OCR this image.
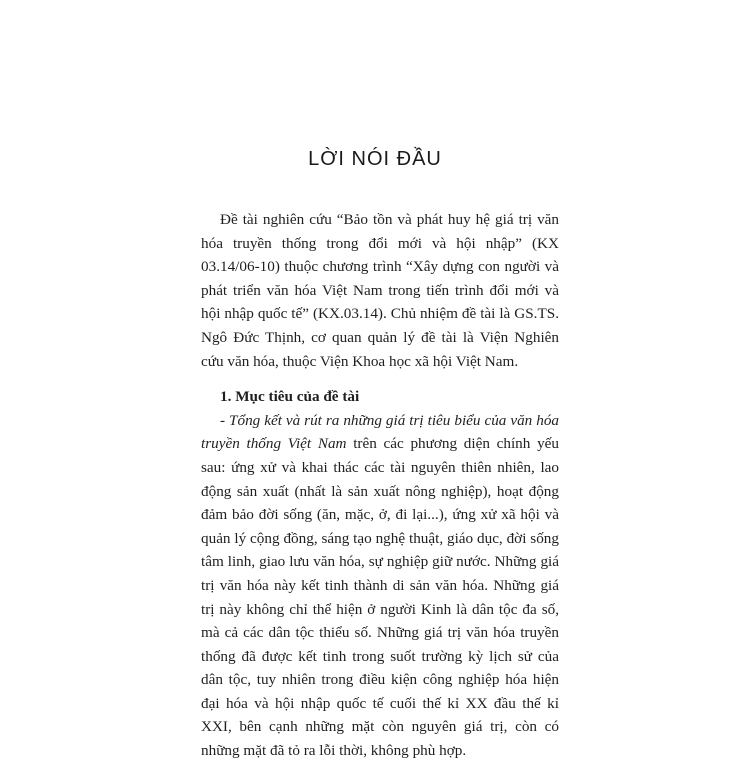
LỜI NÓI ĐẦU

Đề tài nghiên cứu “Bảo tồn và phát huy hệ giá trị văn hóa truyền thống trong đổi mới và hội nhập” (KX 03.14/06-10) thuộc chương trình “Xây dựng con người và phát triển văn hóa Việt Nam trong tiến trình đổi mới và hội nhập quốc tế” (KX.03.14). Chủ nhiệm đề tài là GS.TS. Ngô Đức Thịnh, cơ quan quản lý đề tài là Viện Nghiên cứu văn hóa, thuộc Viện Khoa học xã hội Việt Nam.

1. Mục tiêu của đề tài

- Tổng kết và rút ra những giá trị tiêu biểu của văn hóa truyền thống Việt Nam trên các phương diện chính yếu sau: ứng xử và khai thác các tài nguyên thiên nhiên, lao động sản xuất (nhất là sản xuất nông nghiệp), hoạt động đảm bảo đời sống (ăn, mặc, ở, đi lại...), ứng xử xã hội và quản lý cộng đồng, sáng tạo nghệ thuật, giáo dục, đời sống tâm linh, giao lưu văn hóa, sự nghiệp giữ nước. Những giá trị văn hóa này kết tinh thành di sản văn hóa. Những giá trị này không chỉ thể hiện ở người Kinh là dân tộc đa số, mà cả các dân tộc thiểu số. Những giá trị văn hóa truyền thống đã được kết tinh trong suốt trường kỳ lịch sử của dân tộc, tuy nhiên trong điều kiện công nghiệp hóa hiện đại hóa và hội nhập quốc tế cuối thế kỉ XX đầu thế kỉ XXI, bên cạnh những mặt còn nguyên giá trị, còn có những mặt đã tỏ ra lỗi thời, không phù hợp.
